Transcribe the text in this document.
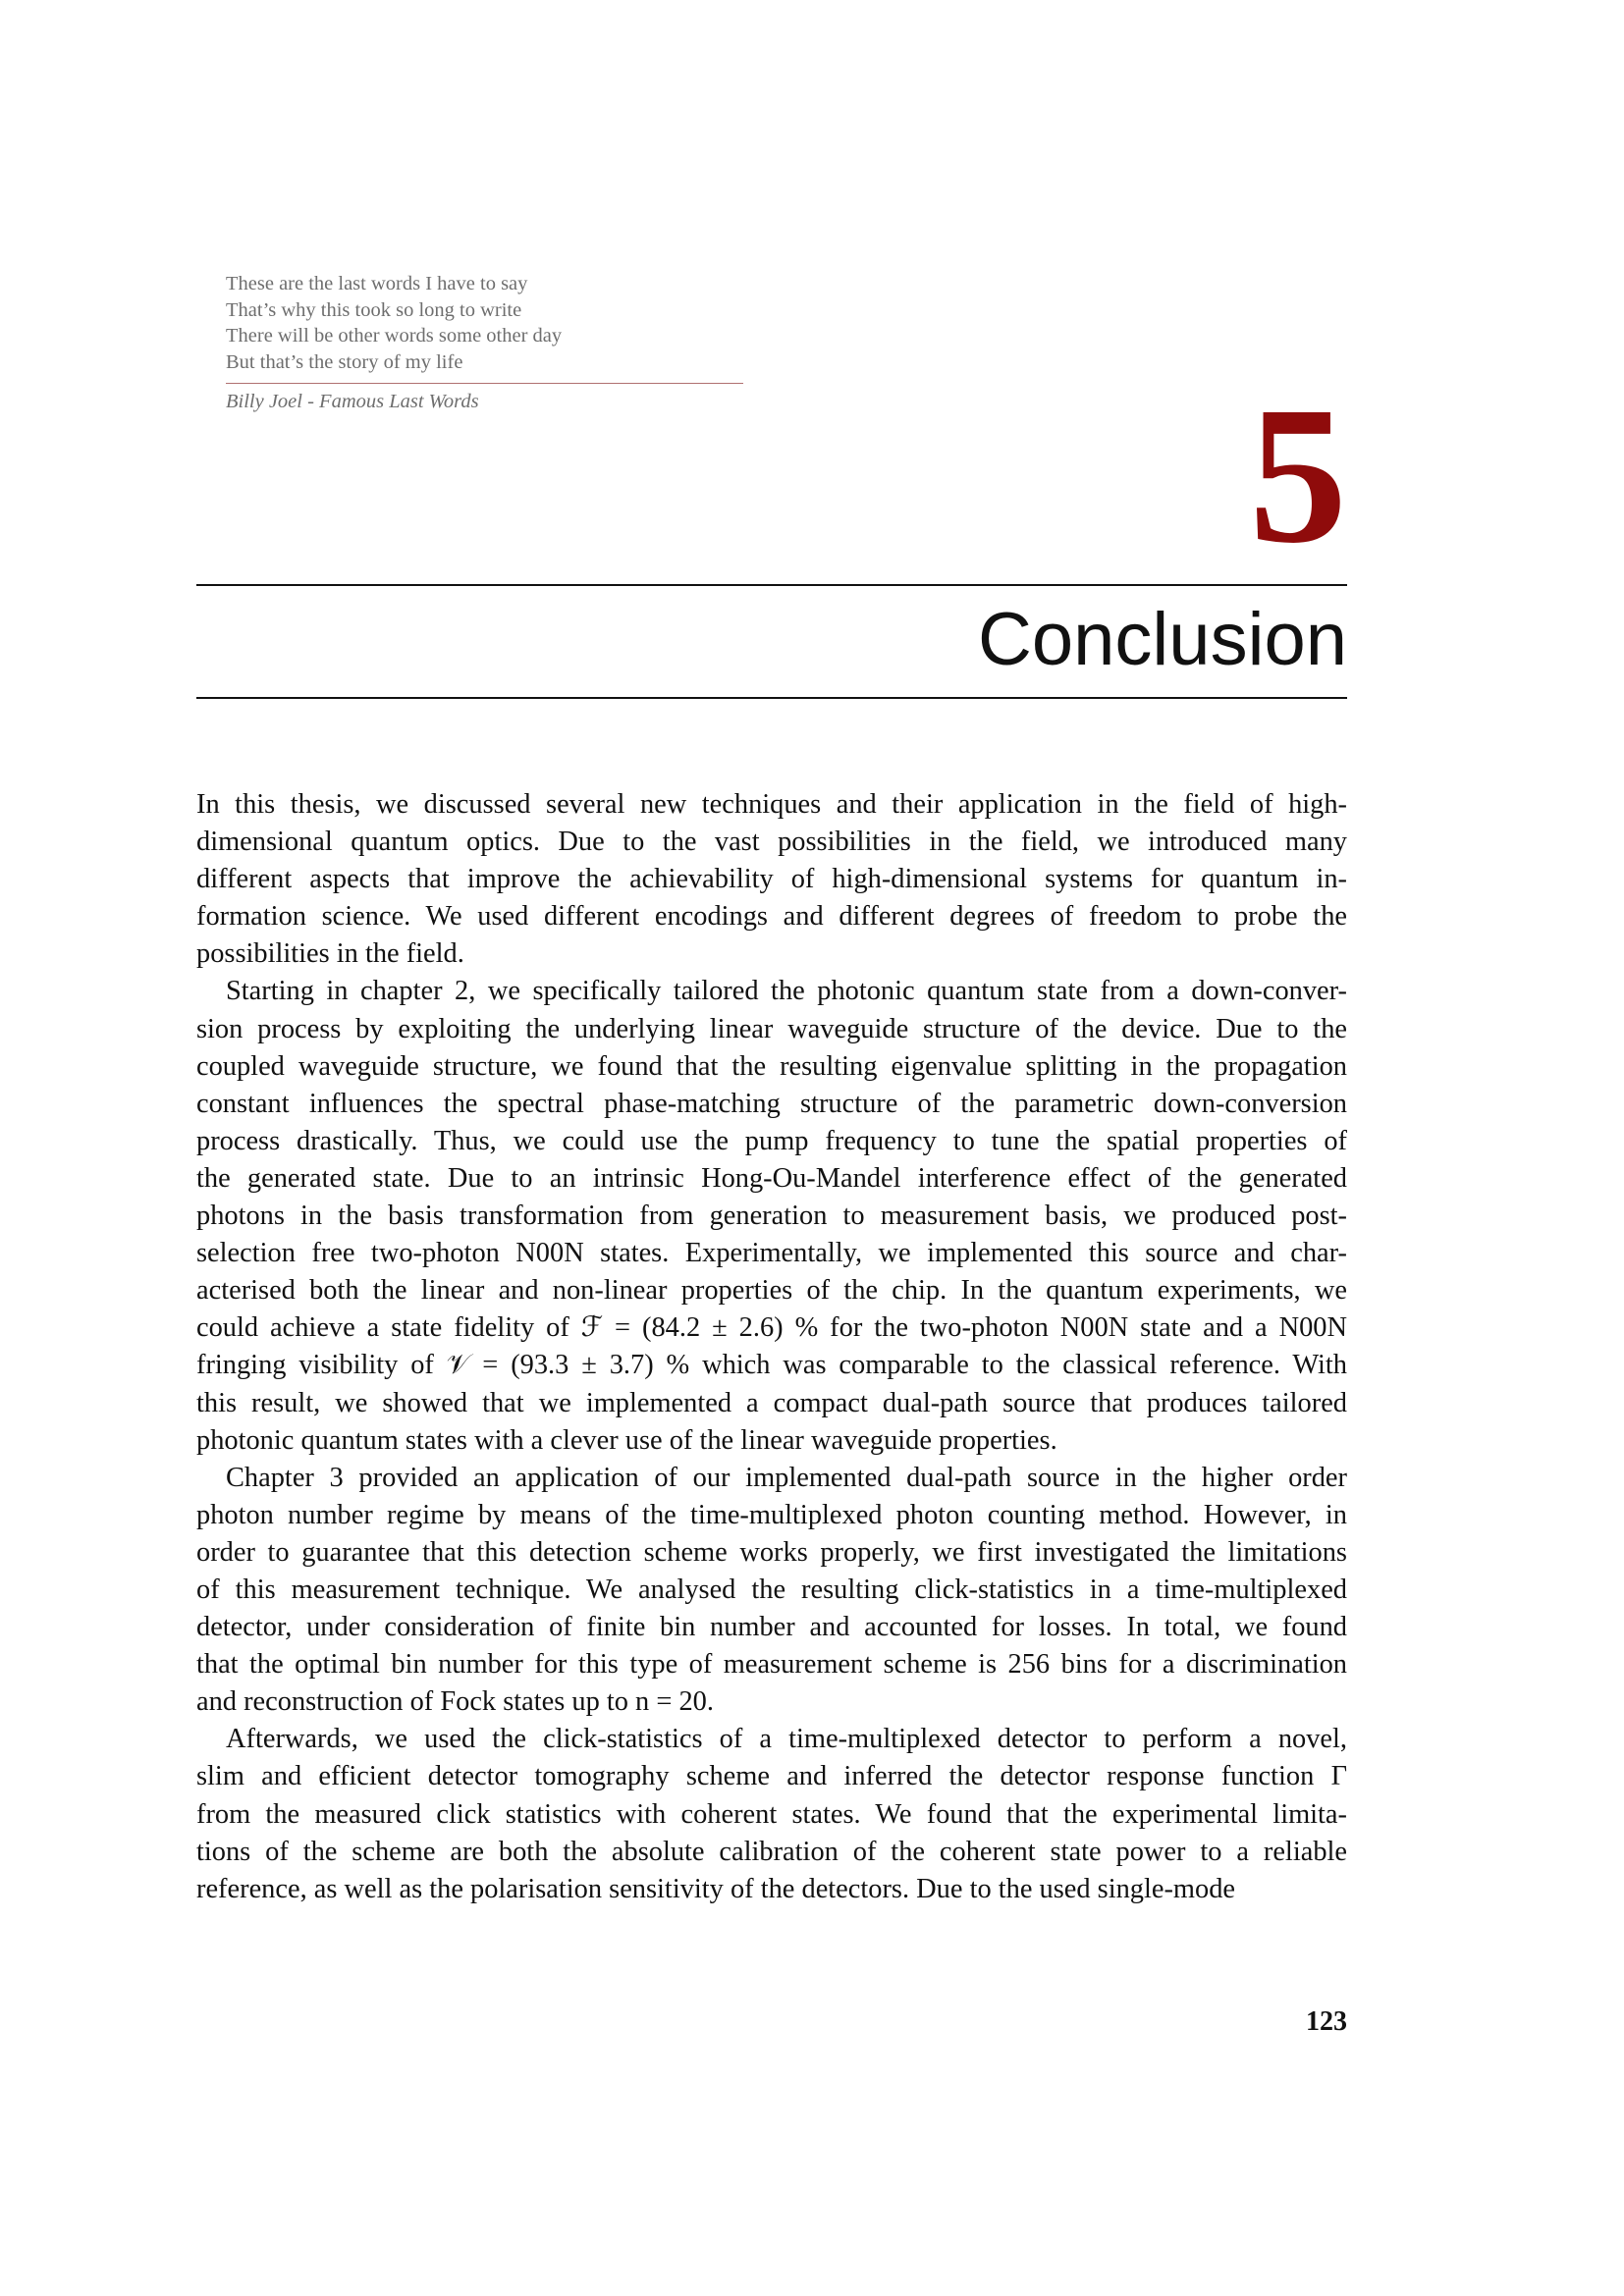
These are the last words I have to say
That’s why this took so long to write
There will be other words some other day
But that’s the story of my life
Billy Joel - Famous Last Words	5
Conclusion

In this thesis, we discussed several new techniques and their application in the field of high-
dimensional quantum optics. Due to the vast possibilities in the field, we introduced many
different aspects that improve the achievability of high-dimensional systems for quantum in-
formation science. We used different encodings and different degrees of freedom to probe the
possibilities in the field.

Starting in chapter 2, we specifically tailored the photonic quantum state from a down-conver-
sion process by exploiting the underlying linear waveguide structure of the device. Due to the
coupled waveguide structure, we found that the resulting eigenvalue splitting in the propagation
constant influences the spectral phase-matching structure of the parametric down-conversion
process drastically. Thus, we could use the pump frequency to tune the spatial properties of
the generated state. Due to an intrinsic Hong-Ou-Mandel interference effect of the generated
photons in the basis transformation from generation to measurement basis, we produced post-
selection free two-photon N00N states. Experimentally, we implemented this source and char-
acterised both the linear and non-linear properties of the chip. In the quantum experiments, we
could achieve a state fidelity of ℱ = (84.2 ± 2.6) % for the two-photon N00N state and a N00N
fringing visibility of 𝒱 = (93.3 ± 3.7) % which was comparable to the classical reference. With
this result, we showed that we implemented a compact dual-path source that produces tailored
photonic quantum states with a clever use of the linear waveguide properties.

Chapter 3 provided an application of our implemented dual-path source in the higher order
photon number regime by means of the time-multiplexed photon counting method. However, in
order to guarantee that this detection scheme works properly, we first investigated the limitations
of this measurement technique. We analysed the resulting click-statistics in a time-multiplexed
detector, under consideration of finite bin number and accounted for losses. In total, we found
that the optimal bin number for this type of measurement scheme is 256 bins for a discrimination
and reconstruction of Fock states up to n = 20.

Afterwards, we used the click-statistics of a time-multiplexed detector to perform a novel,
slim and efficient detector tomography scheme and inferred the detector response function Γ
from the measured click statistics with coherent states. We found that the experimental limita-
tions of the scheme are both the absolute calibration of the coherent state power to a reliable
reference, as well as the polarisation sensitivity of the detectors. Due to the used single-mode

123
